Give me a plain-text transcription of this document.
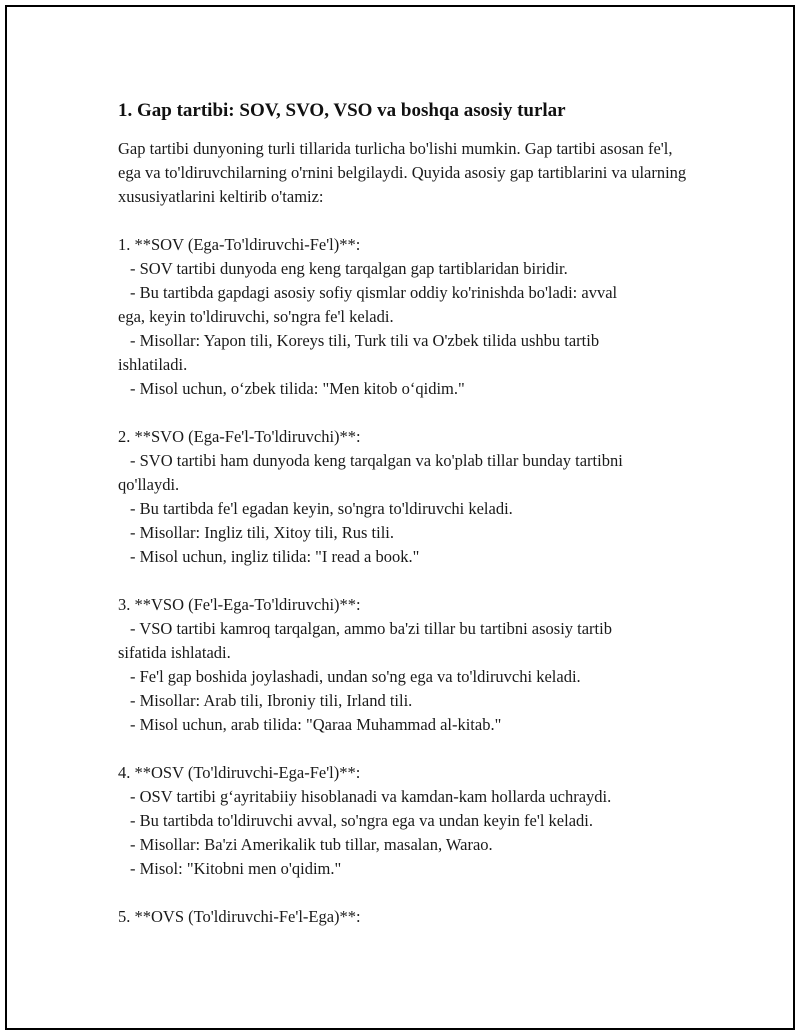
1. Gap tartibi: SOV, SVO, VSO va boshqa asosiy turlar
Gap tartibi dunyoning turli tillarida turlicha bo'lishi mumkin. Gap tartibi asosan fe'l, ega va to'ldiruvchilarning o'rnini belgilaydi. Quyida asosiy gap tartiblarini va ularning xususiyatlarini keltirib o'tamiz:

1. **SOV (Ega-To'ldiruvchi-Fe'l)**:

- SOV tartibi dunyoda eng keng tarqalgan gap tartiblaridan biridir.

- Bu tartibda gapdagi asosiy sofiy qismlar oddiy ko'rinishda bo'ladi: avval

ega, keyin to'ldiruvchi, so'ngra fe'l keladi.

- Misollar: Yapon tili, Koreys tili, Turk tili va O'zbek tilida ushbu tartib

ishlatiladi.

- Misol uchun, o‘zbek tilida: "Men kitob o‘qidim."

2. **SVO (Ega-Fe'l-To'ldiruvchi)**:

- SVO tartibi ham dunyoda keng tarqalgan va ko'plab tillar bunday tartibni

qo'llaydi.

- Bu tartibda fe'l egadan keyin, so'ngra to'ldiruvchi keladi.

- Misollar: Ingliz tili, Xitoy tili, Rus tili.

- Misol uchun, ingliz tilida: "I read a book."

3. **VSO (Fe'l-Ega-To'ldiruvchi)**:

- VSO tartibi kamroq tarqalgan, ammo ba'zi tillar bu tartibni asosiy tartib

sifatida ishlatadi.

- Fe'l gap boshida joylashadi, undan so'ng ega va to'ldiruvchi keladi.

- Misollar: Arab tili, Ibroniy tili, Irland tili.

- Misol uchun, arab tilida: "Qaraa Muhammad al-kitab."

4. **OSV (To'ldiruvchi-Ega-Fe'l)**:

- OSV tartibi g‘ayritabiiy hisoblanadi va kamdan-kam hollarda uchraydi.

- Bu tartibda to'ldiruvchi avval, so'ngra ega va undan keyin fe'l keladi.

- Misollar: Ba'zi Amerikalik tub tillar, masalan, Warao.

- Misol: "Kitobni men o'qidim."

5. **OVS (To'ldiruvchi-Fe'l-Ega)**:
